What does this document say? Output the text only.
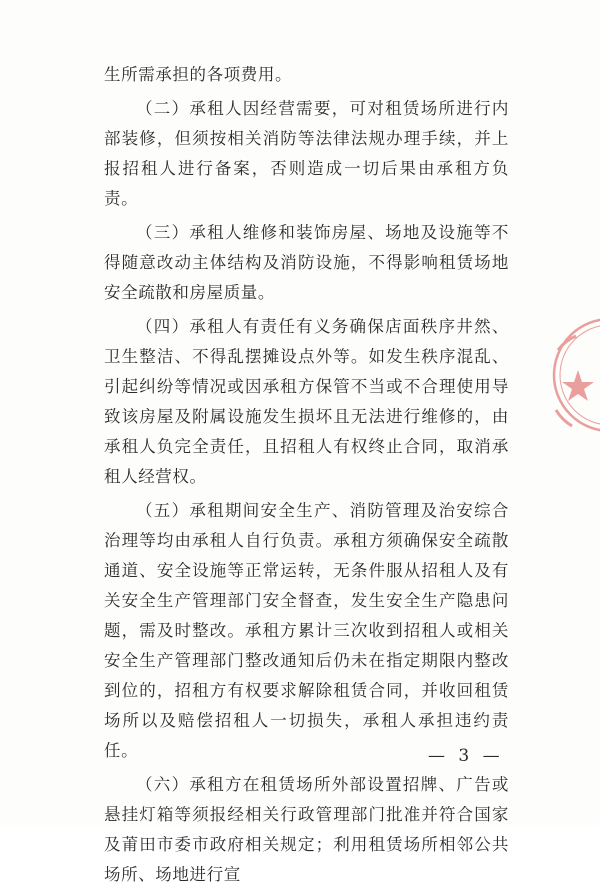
生所需承担的各项费用。

（二）承租人因经营需要，可对租赁场所进行内部装修，但须按相关消防等法律法规办理手续，并上报招租人进行备案，否则造成一切后果由承租方负责。

（三）承租人维修和装饰房屋、场地及设施等不得随意改动主体结构及消防设施，不得影响租赁场地安全疏散和房屋质量。

（四）承租人有责任有义务确保店面秩序井然、卫生整洁、不得乱摆摊设点外等。如发生秩序混乱、引起纠纷等情况或因承租方保管不当或不合理使用导致该房屋及附属设施发生损坏且无法进行维修的，由承租人负完全责任，且招租人有权终止合同，取消承租人经营权。

（五）承租期间安全生产、消防管理及治安综合治理等均由承租人自行负责。承租方须确保安全疏散通道、安全设施等正常运转，无条件服从招租人及有关安全生产管理部门安全督查，发生安全生产隐患问题，需及时整改。承租方累计三次收到招租人或相关安全生产管理部门整改通知后仍未在指定期限内整改到位的，招租方有权要求解除租赁合同，并收回租赁场所以及赔偿招租人一切损失，承租人承担违约责任。

（六）承租方在租赁场所外部设置招牌、广告或悬挂灯箱等须报经相关行政管理部门批准并符合国家及莆田市委市政府相关规定；利用租赁场所相邻公共场所、场地进行宣

— 3 —
